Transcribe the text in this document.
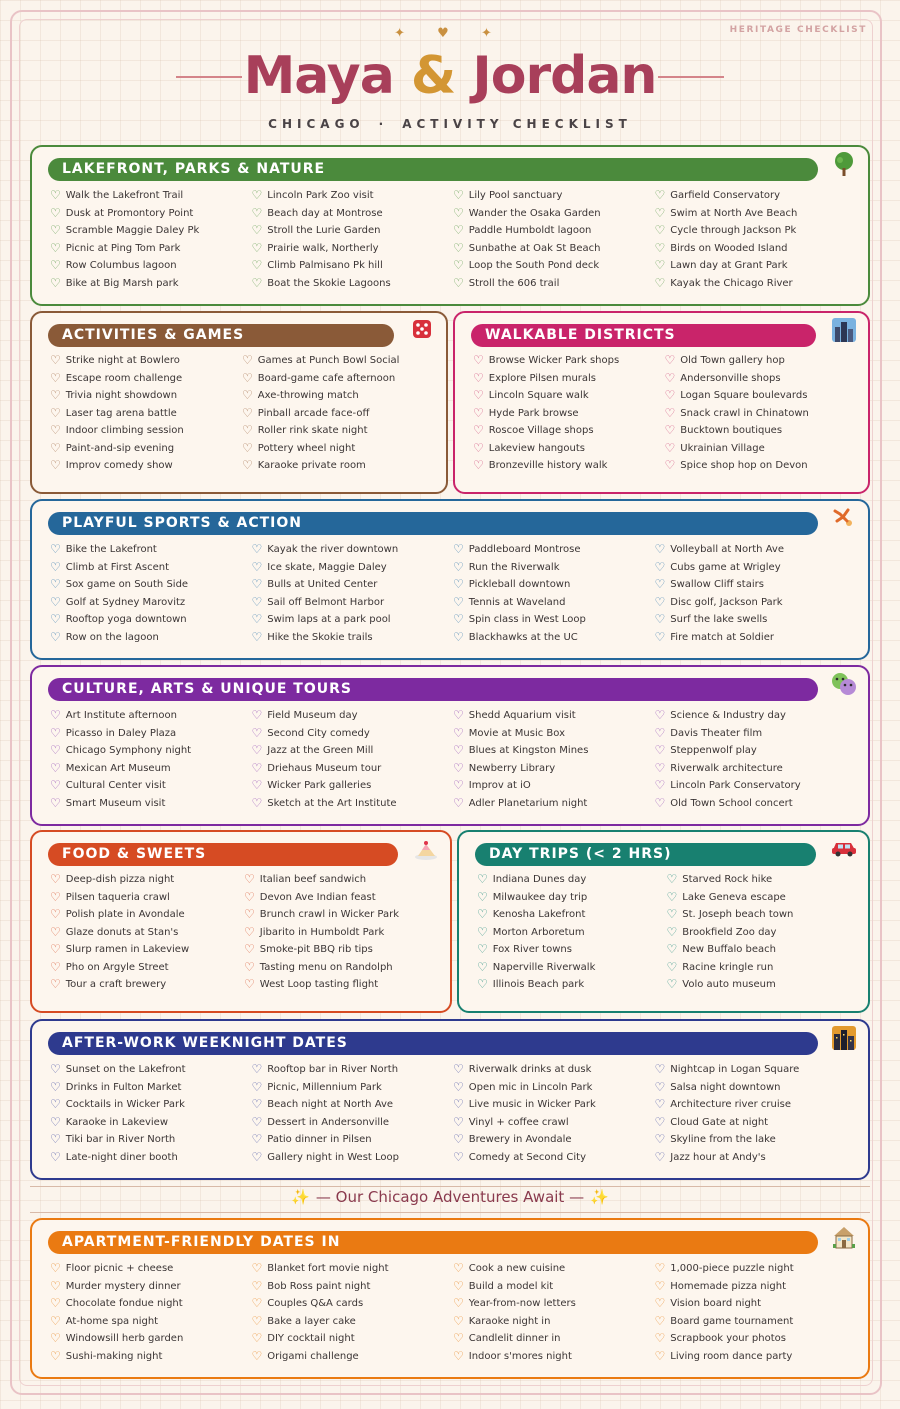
HERITAGE CHECKLIST
✦ ♥ ✦
Maya & Jordan
CHICAGO · ACTIVITY CHECKLIST
LAKEFRONT, PARKS & NATURE
♡ Walk the Lakefront Trail
♡ Dusk at Promontory Point
♡ Scramble Maggie Daley Pk
♡ Picnic at Ping Tom Park
♡ Row Columbus lagoon
♡ Bike at Big Marsh park
♡ Lincoln Park Zoo visit
♡ Beach day at Montrose
♡ Stroll the Lurie Garden
♡ Prairie walk, Northerly
♡ Climb Palmisano Pk hill
♡ Boat the Skokie Lagoons
♡ Lily Pool sanctuary
♡ Wander the Osaka Garden
♡ Paddle Humboldt lagoon
♡ Sunbathe at Oak St Beach
♡ Loop the South Pond deck
♡ Stroll the 606 trail
♡ Garfield Conservatory
♡ Swim at North Ave Beach
♡ Cycle through Jackson Pk
♡ Birds on Wooded Island
♡ Lawn day at Grant Park
♡ Kayak the Chicago River
ACTIVITIES & GAMES
♡ Strike night at Bowlero
♡ Escape room challenge
♡ Trivia night showdown
♡ Laser tag arena battle
♡ Indoor climbing session
♡ Paint-and-sip evening
♡ Improv comedy show
♡ Games at Punch Bowl Social
♡ Board-game cafe afternoon
♡ Axe-throwing match
♡ Pinball arcade face-off
♡ Roller rink skate night
♡ Pottery wheel night
♡ Karaoke private room
WALKABLE DISTRICTS
♡ Browse Wicker Park shops
♡ Explore Pilsen murals
♡ Lincoln Square walk
♡ Hyde Park browse
♡ Roscoe Village shops
♡ Lakeview hangouts
♡ Bronzeville history walk
♡ Old Town gallery hop
♡ Andersonville shops
♡ Logan Square boulevards
♡ Snack crawl in Chinatown
♡ Bucktown boutiques
♡ Ukrainian Village
♡ Spice shop hop on Devon
PLAYFUL SPORTS & ACTION
♡ Bike the Lakefront
♡ Climb at First Ascent
♡ Sox game on South Side
♡ Golf at Sydney Marovitz
♡ Rooftop yoga downtown
♡ Row on the lagoon
♡ Kayak the river downtown
♡ Ice skate, Maggie Daley
♡ Bulls at United Center
♡ Sail off Belmont Harbor
♡ Swim laps at a park pool
♡ Hike the Skokie trails
♡ Paddleboard Montrose
♡ Run the Riverwalk
♡ Pickleball downtown
♡ Tennis at Waveland
♡ Spin class in West Loop
♡ Blackhawks at the UC
♡ Volleyball at North Ave
♡ Cubs game at Wrigley
♡ Swallow Cliff stairs
♡ Disc golf, Jackson Park
♡ Surf the lake swells
♡ Fire match at Soldier
CULTURE, ARTS & UNIQUE TOURS
♡ Art Institute afternoon
♡ Picasso in Daley Plaza
♡ Chicago Symphony night
♡ Mexican Art Museum
♡ Cultural Center visit
♡ Smart Museum visit
♡ Field Museum day
♡ Second City comedy
♡ Jazz at the Green Mill
♡ Driehaus Museum tour
♡ Wicker Park galleries
♡ Sketch at the Art Institute
♡ Shedd Aquarium visit
♡ Movie at Music Box
♡ Blues at Kingston Mines
♡ Newberry Library
♡ Improv at iO
♡ Adler Planetarium night
♡ Science & Industry day
♡ Davis Theater film
♡ Steppenwolf play
♡ Riverwalk architecture
♡ Lincoln Park Conservatory
♡ Old Town School concert
FOOD & SWEETS
♡ Deep-dish pizza night
♡ Pilsen taqueria crawl
♡ Polish plate in Avondale
♡ Glaze donuts at Stan's
♡ Slurp ramen in Lakeview
♡ Pho on Argyle Street
♡ Tour a craft brewery
♡ Italian beef sandwich
♡ Devon Ave Indian feast
♡ Brunch crawl in Wicker Park
♡ Jibarito in Humboldt Park
♡ Smoke-pit BBQ rib tips
♡ Tasting menu on Randolph
♡ West Loop tasting flight
DAY TRIPS (< 2 HRS)
♡ Indiana Dunes day
♡ Milwaukee day trip
♡ Kenosha Lakefront
♡ Morton Arboretum
♡ Fox River towns
♡ Naperville Riverwalk
♡ Illinois Beach park
♡ Starved Rock hike
♡ Lake Geneva escape
♡ St. Joseph beach town
♡ Brookfield Zoo day
♡ New Buffalo beach
♡ Racine kringle run
♡ Volo auto museum
AFTER-WORK WEEKNIGHT DATES
♡ Sunset on the Lakefront
♡ Drinks in Fulton Market
♡ Cocktails in Wicker Park
♡ Karaoke in Lakeview
♡ Tiki bar in River North
♡ Late-night diner booth
♡ Rooftop bar in River North
♡ Picnic, Millennium Park
♡ Beach night at North Ave
♡ Dessert in Andersonville
♡ Patio dinner in Pilsen
♡ Gallery night in West Loop
♡ Riverwalk drinks at dusk
♡ Open mic in Lincoln Park
♡ Live music in Wicker Park
♡ Vinyl + coffee crawl
♡ Brewery in Avondale
♡ Comedy at Second City
♡ Nightcap in Logan Square
♡ Salsa night downtown
♡ Architecture river cruise
♡ Cloud Gate at night
♡ Skyline from the lake
♡ Jazz hour at Andy's
✨ — Our Chicago Adventures Await — ✨
APARTMENT-FRIENDLY DATES IN
♡ Floor picnic + cheese
♡ Murder mystery dinner
♡ Chocolate fondue night
♡ At-home spa night
♡ Windowsill herb garden
♡ Sushi-making night
♡ Blanket fort movie night
♡ Bob Ross paint night
♡ Couples Q&A cards
♡ Bake a layer cake
♡ DIY cocktail night
♡ Origami challenge
♡ Cook a new cuisine
♡ Build a model kit
♡ Year-from-now letters
♡ Karaoke night in
♡ Candlelit dinner in
♡ Indoor s'mores night
♡ 1,000-piece puzzle night
♡ Homemade pizza night
♡ Vision board night
♡ Board game tournament
♡ Scrapbook your photos
♡ Living room dance party
